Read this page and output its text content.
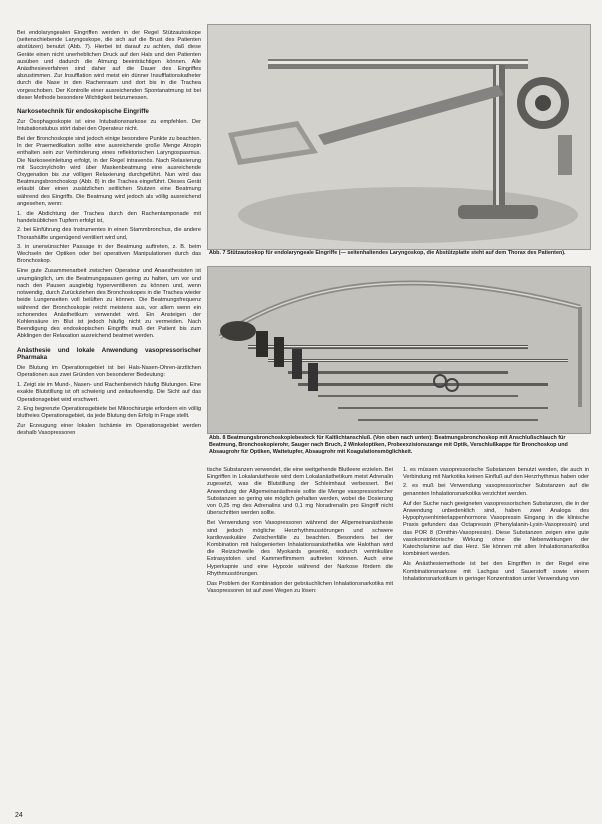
Bei endolaryngealen Eingriffen werden in der Regel Stützautoskope (seitenschiebende Laryngoskope, die sich auf die Brust des Patienten abstützen) benutzt (Abb. 7). Hierbei ist darauf zu achten, daß diese Geräte einen nicht unerheblichen Druck auf den Hals und den Patienten ausüben und dadurch die Atmung beeinträchtigen können. Alle Anästhesieverfahren sind daher auf die Dauer des Eingriffes abzustimmen. Zur Insufflation wird meist ein dünner Insufflationskatheter durch die Nase in den Rachenraum und dort bis in die Trachea vorgeschoben. Der Kontrolle einer ausreichenden Spontanatmung ist bei dieser Methode besondere Wichtigkeit beizumessen.

Narkosetechnik für endoskopische Eingriffe

Zur Ösophagoskopie ist eine Intubationsnarkose zu empfehlen. Der Intubationstubus stört dabei den Operateur nicht.

Bei der Bronchoskopie sind jedoch einige besondere Punkte zu beachten. In der Praemedikation sollte eine ausreichende große Menge Atropin enthalten sein zur Verhinderung eines reflektorischen Laryngospasmus. Die Narkoseeinleitung erfolgt, in der Regel intravenös. Nach Relaxierung mit Succinylcholin wird über Maskenbeatmung eine ausreichende Oxygenation bis zur völligen Relaxierung durchgeführt. Nun wird das Beatmungsbronchoskop (Abb. 8) in die Trachea eingeführt. Dieses Gerät erlaubt über einen zusätzlichen seitlichen Stutzen eine Beatmung während des Eingriffs. Die Beatmung wird jedoch als völlig ausreichend angesehen, wenn:

1. die Abdichtung der Trachea durch den Rachentamponade mit handelsüblichen Tupfern erfolgt ist,
2. bei Einführung des Instrumentes in einen Stammbronchus, die andere Thoraxhälfte ungenügend ventiliert wird und,
3. in unerwünschter Passage in der Beatmung auftreten, z. B. beim Wechseln der Optiken oder bei operativen Manipulationen durch das Bronchoskop.

Eine gute Zusammenarbeit zwischen Operateur und Anaesthesisten ist unumgänglich, um die Beatmungspausen gering zu halten, um vor und nach den Pausen ausgiebig hyperventilieren zu können und, wenn notwendig, durch Zurückziehen des Bronchoskopes in die Trachea wieder beide Lungenseiten voll belüften zu können. Die Beatmungsfrequenz während der Bronchoskopie reicht meistens aus, vor allem wenn ein schonendes Anästhetikum verwendet wird. Ein Ansteigen der Kohlensäure im Blut ist jedoch häufig nicht zu vermeiden. Nach Beendigung des endoskopischen Eingriffs muß der Patient bis zum Abklingen der Relaxation ausreichend beatmet werden.

Anästhesie und lokale Anwendung vasopressorischer Pharmaka

Die Blutung im Operationsgebiet ist bei Hals-Nasen-Ohren-ärztlichen Operationen aus zwei Gründen von besonderer Bedeutung:

1. Zeigt sie im Mund-, Nasen- und Rachenbereich häufig Blutungen. Eine exakte Blutstillung ist oft schwierig und zeitaufwendig. Die Sicht auf das Operationsgebiet wird erschwert.
2. Eng begrenzte Operationsgebiete bei Mikrochirurgie erfordern ein völlig blutfreies Operationsgebiet, da jede Blutung den Erfolg in Frage stellt.

Zur Erzeugung einer lokalen Ischämie im Operationsgebiet werden deshalb Vasopressoren

Abb. 7 Stützautoskop für endolaryngeale Eingriffe (— seitenhaltendes Laryngoskop, die Abstützplatte steht auf dem Thorax des Patienten).
Abb. 8 Beatmungsbronchoskopiebesteck für Kaltlichtanschluß. (Von oben nach unten): Beatmungsbronchoskop mit Anschlußschlauch für Beatmung, Bronchoskopierohr, Sauger nach Bruch, 2 Winkeloptiken, Probeexzisionszange mit Optik, Verschlußkappe für Bronchoskop und Absaugrohr für Optiken, Wattetupfer, Absaugrohr mit Koagulationsmöglichkeit.

tische Substanzen verwendet, die eine weitgehende Blutleere erzielen. Bei Eingriffen in Lokalanästhesie wird dem Lokalanästhetikum meist Adrenalin zugesetzt, was die Blutstillung der Schleimhaut verbessert. Bei Anwendung der Allgemeinanästhesie sollte die Menge vasopressorischer Substanzen so gering wie möglich gehalten werden, wobei die Dosierung von 0,25 mg des Adrenalins und 0,1 mg Noradrenalin pro Eingriff nicht überschritten werden sollte.

Bei Verwendung von Vasopressoren während der Allgemeinanästhesie sind jedoch mögliche Herzrhythmusstörungen und schwere kardiovaskuläre Zwischenfälle zu beachten. Besonders bei der Kombination mit halogenierten Inhalationsanästhetika wie Halothan wird die Reizschwelle des Myokards gesenkt, wodurch ventrikuläre Extrasystolen und Kammerflimmern auftreten können. Auch eine Hyperkapnie und eine Hypoxie während der Narkose fördern die Rhythmusstörungen.

Das Problem der Kombination der gebräuchlichen Inhalationsnarkotika mit Vasopressoren ist auf zwei Wegen zu lösen:

1. es müssen vasopressorische Substanzen benutzt werden, die auch in Verbindung mit Narkotika keinen Einfluß auf den Herzrhythmus haben oder
2. es muß bei Verwendung vasopressorischer Substanzen auf die genannten Inhalationsnarkotika verzichtet werden.

Auf der Suche nach geeigneten vasopressorischen Substanzen, die in der Anwendung unbedenklich sind, haben zwei Analoga des Hypophysenhinterlappenhormons Vasopressin Eingang in die klinische Praxis gefunden: das Octapressin (Phenylalanin-Lysin-Vasopressin) und das POR 8 (Ornithin-Vasopressin). Diese Substanzen zeigen eine gute vasokonstriktorische Wirkung ohne die Nebenwirkungen der Katecholamine auf das Herz. Sie können mit allen Inhalationsnarkotika kombiniert werden.

Als Anästhesiemethode ist bei den Eingriffen in der Regel eine Kombinationsnarkose mit Lachgas und Sauerstoff sowie einem Inhalationsnarkotikum in geringer Konzentration unter Verwendung von

24
